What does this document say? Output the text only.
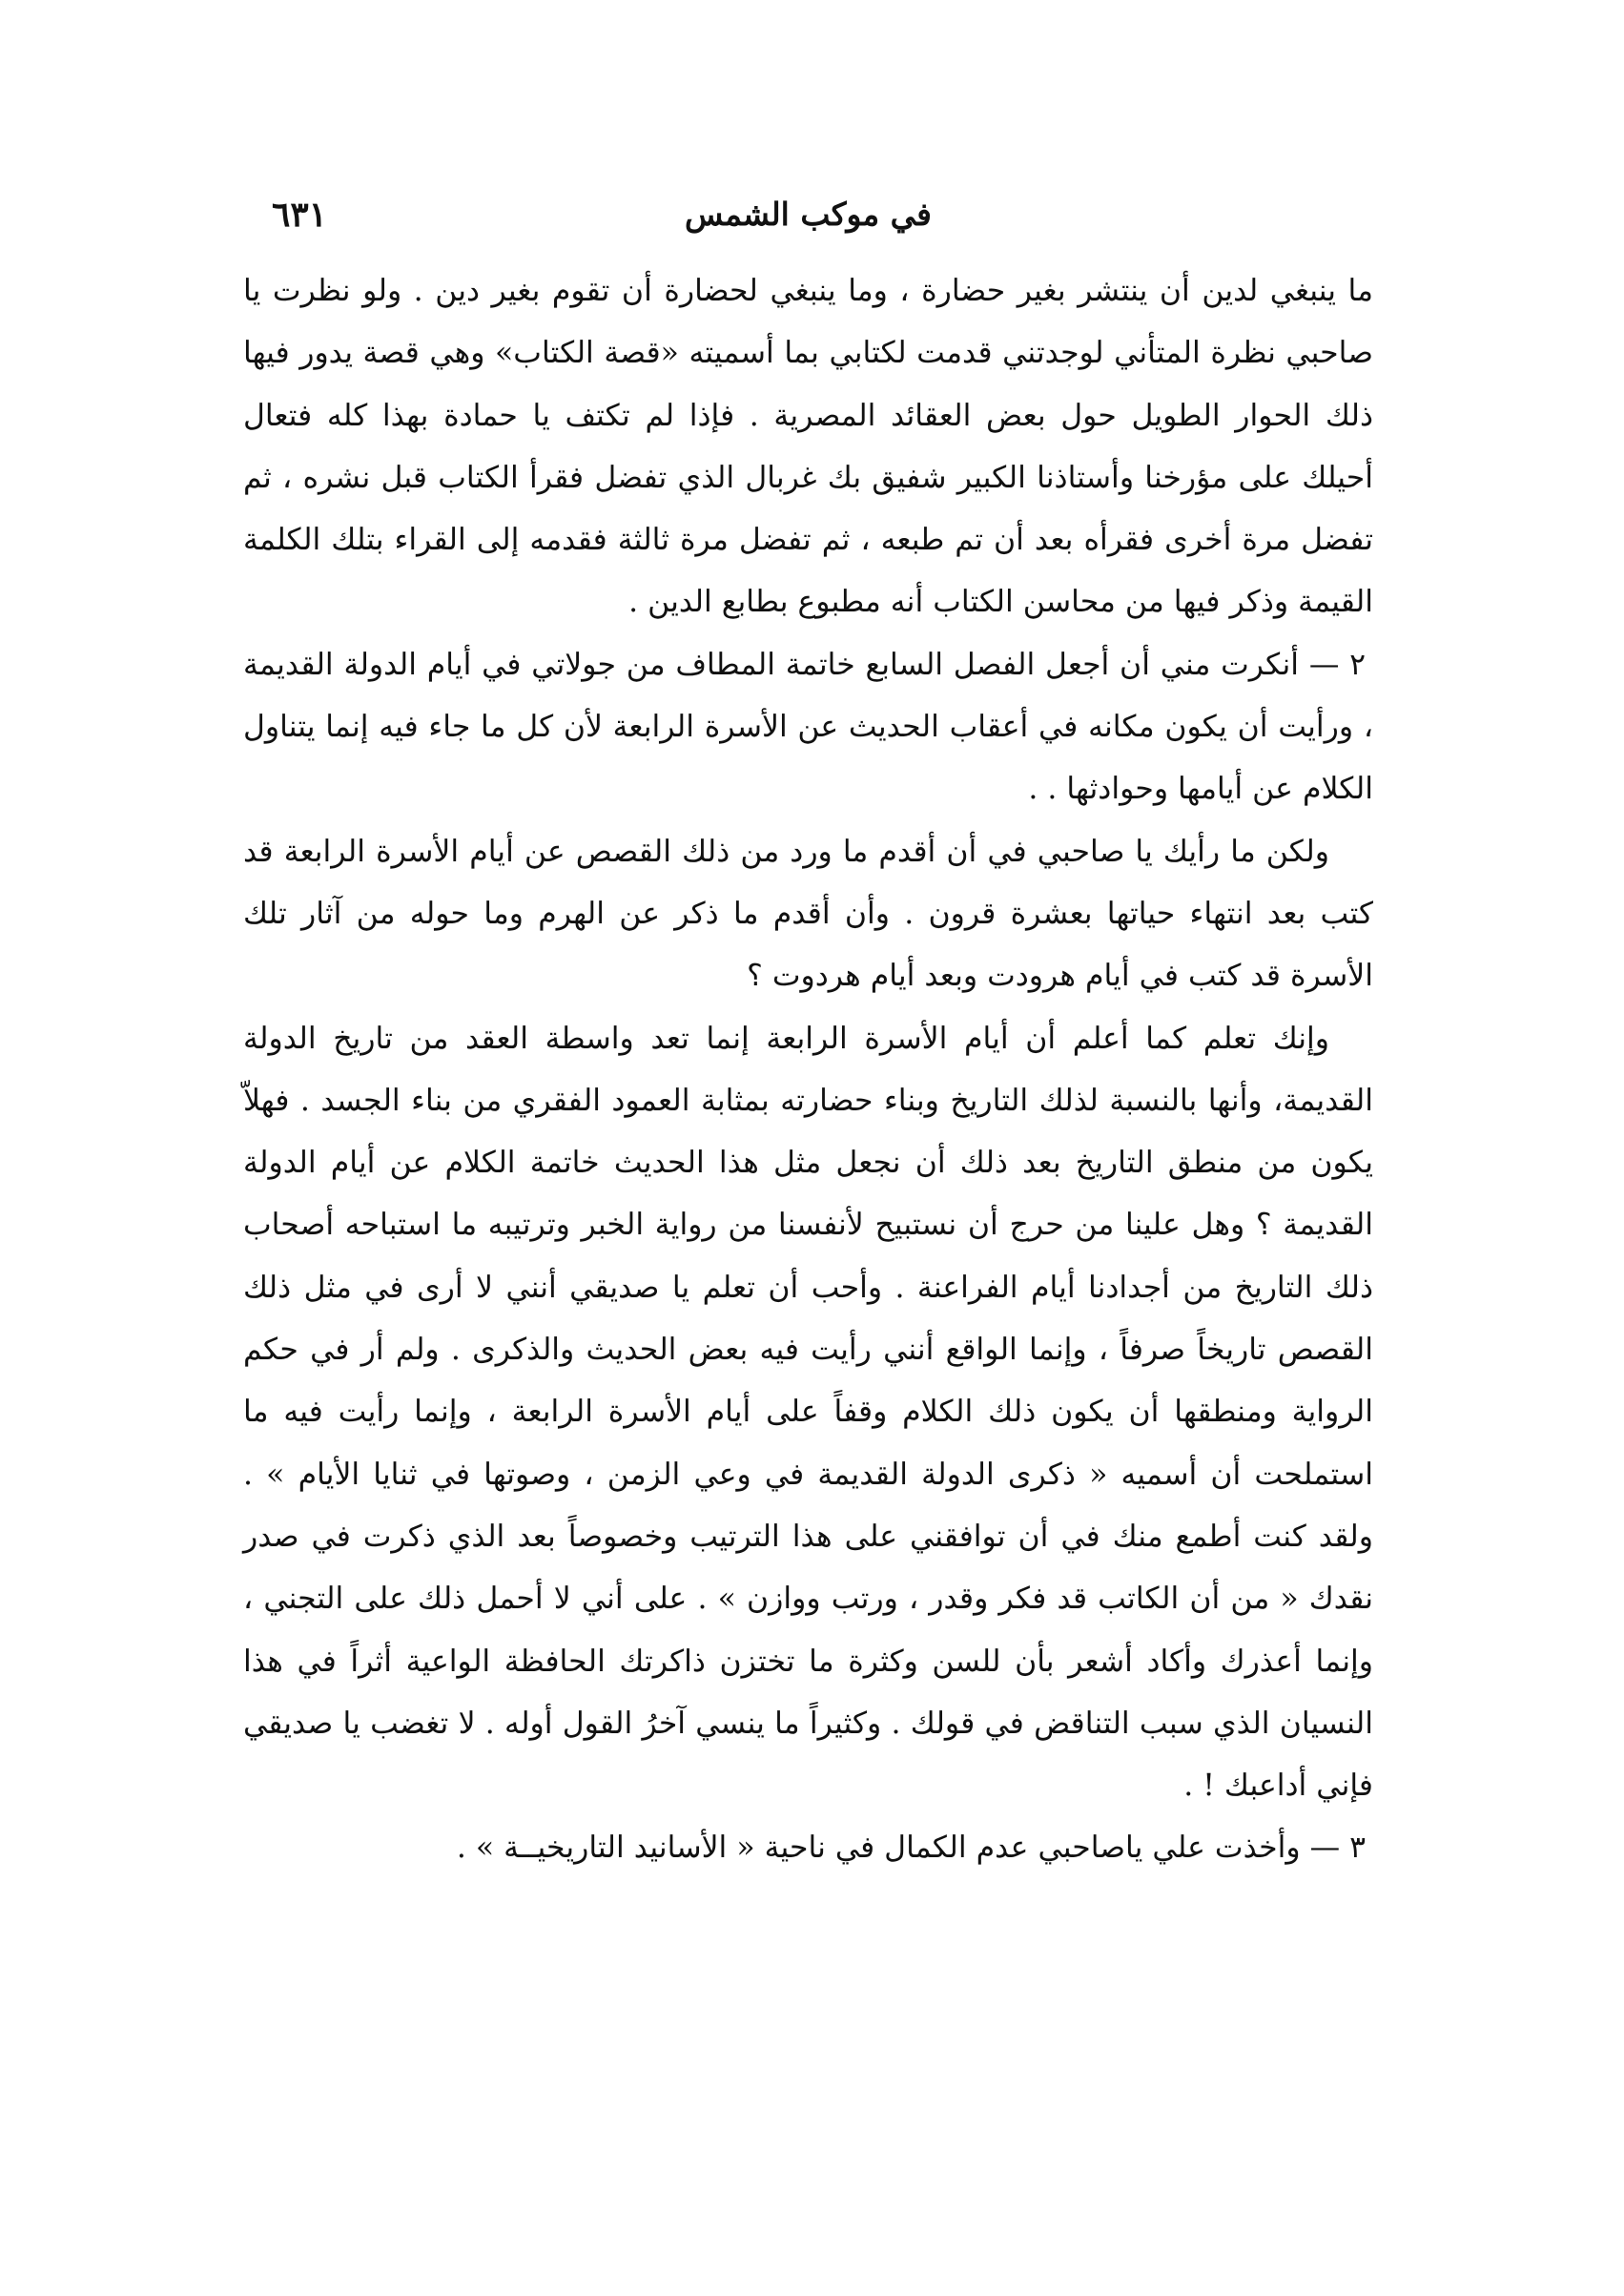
في موكب الشمس
٦٣١

ما ينبغي لدين أن ينتشر بغير حضارة ، وما ينبغي لحضارة أن تقوم بغير دين . ولو نظرت يا صاحبي نظرة المتأني لوجدتني قدمت لكتابي بما أسميته «قصة الكتاب» وهي قصة يدور فيها ذلك الحوار الطويل حول بعض العقائد المصرية . فإذا لم تكتف يا حمادة بهذا كله فتعال أحيلك على مؤرخنا وأستاذنا الكبير شفيق بك غربال الذي تفضل فقرأ الكتاب قبل نشره ، ثم تفضل مرة أخرى فقرأه بعد أن تم طبعه ، ثم تفضل مرة ثالثة فقدمه إلى القراء بتلك الكلمة القيمة وذكر فيها من محاسن الكتاب أنه مطبوع بطابع الدين .

٢ — أنكرت مني أن أجعل الفصل السابع خاتمة المطاف من جولاتي في أيام الدولة القديمة ، ورأيت أن يكون مكانه في أعقاب الحديث عن الأسرة الرابعة لأن كل ما جاء فيه إنما يتناول الكلام عن أيامها وحوادثها . .

ولكن ما رأيك يا صاحبي في أن أقدم ما ورد من ذلك القصص عن أيام الأسرة الرابعة قد كتب بعد انتهاء حياتها بعشرة قرون . وأن أقدم ما ذكر عن الهرم وما حوله من آثار تلك الأسرة قد كتب في أيام هرودت وبعد أيام هردوت ؟

وإنك تعلم كما أعلم أن أيام الأسرة الرابعة إنما تعد واسطة العقد من تاريخ الدولة القديمة، وأنها بالنسبة لذلك التاريخ وبناء حضارته بمثابة العمود الفقري من بناء الجسد . فهلاّ يكون من منطق التاريخ بعد ذلك أن نجعل مثل هذا الحديث خاتمة الكلام عن أيام الدولة القديمة ؟ وهل علينا من حرج أن نستبيح لأنفسنا من رواية الخبر وترتيبه ما استباحه أصحاب ذلك التاريخ من أجدادنا أيام الفراعنة . وأحب أن تعلم يا صديقي أنني لا أرى في مثل ذلك القصص تاريخاً صرفاً ، وإنما الواقع أنني رأيت فيه بعض الحديث والذكرى . ولم أر في حكم الرواية ومنطقها أن يكون ذلك الكلام وقفاً على أيام الأسرة الرابعة ، وإنما رأيت فيه ما استملحت أن أسميه « ذكرى الدولة القديمة في وعي الزمن ، وصوتها في ثنايا الأيام » . ولقد كنت أطمع منك في أن توافقني على هذا الترتيب وخصوصاً بعد الذي ذكرت في صدر نقدك « من أن الكاتب قد فكر وقدر ، ورتب ووازن » . على أني لا أحمل ذلك على التجني ، وإنما أعذرك وأكاد أشعر بأن للسن وكثرة ما تختزن ذاكرتك الحافظة الواعية أثراً في هذا النسيان الذي سبب التناقض في قولك . وكثيراً ما ينسي آخرُ القول أوله . لا تغضب يا صديقي فإني أداعبك ! .

٣ — وأخذت علي ياصاحبي عدم الكمال في ناحية « الأسانيد التاريخيــة » .
